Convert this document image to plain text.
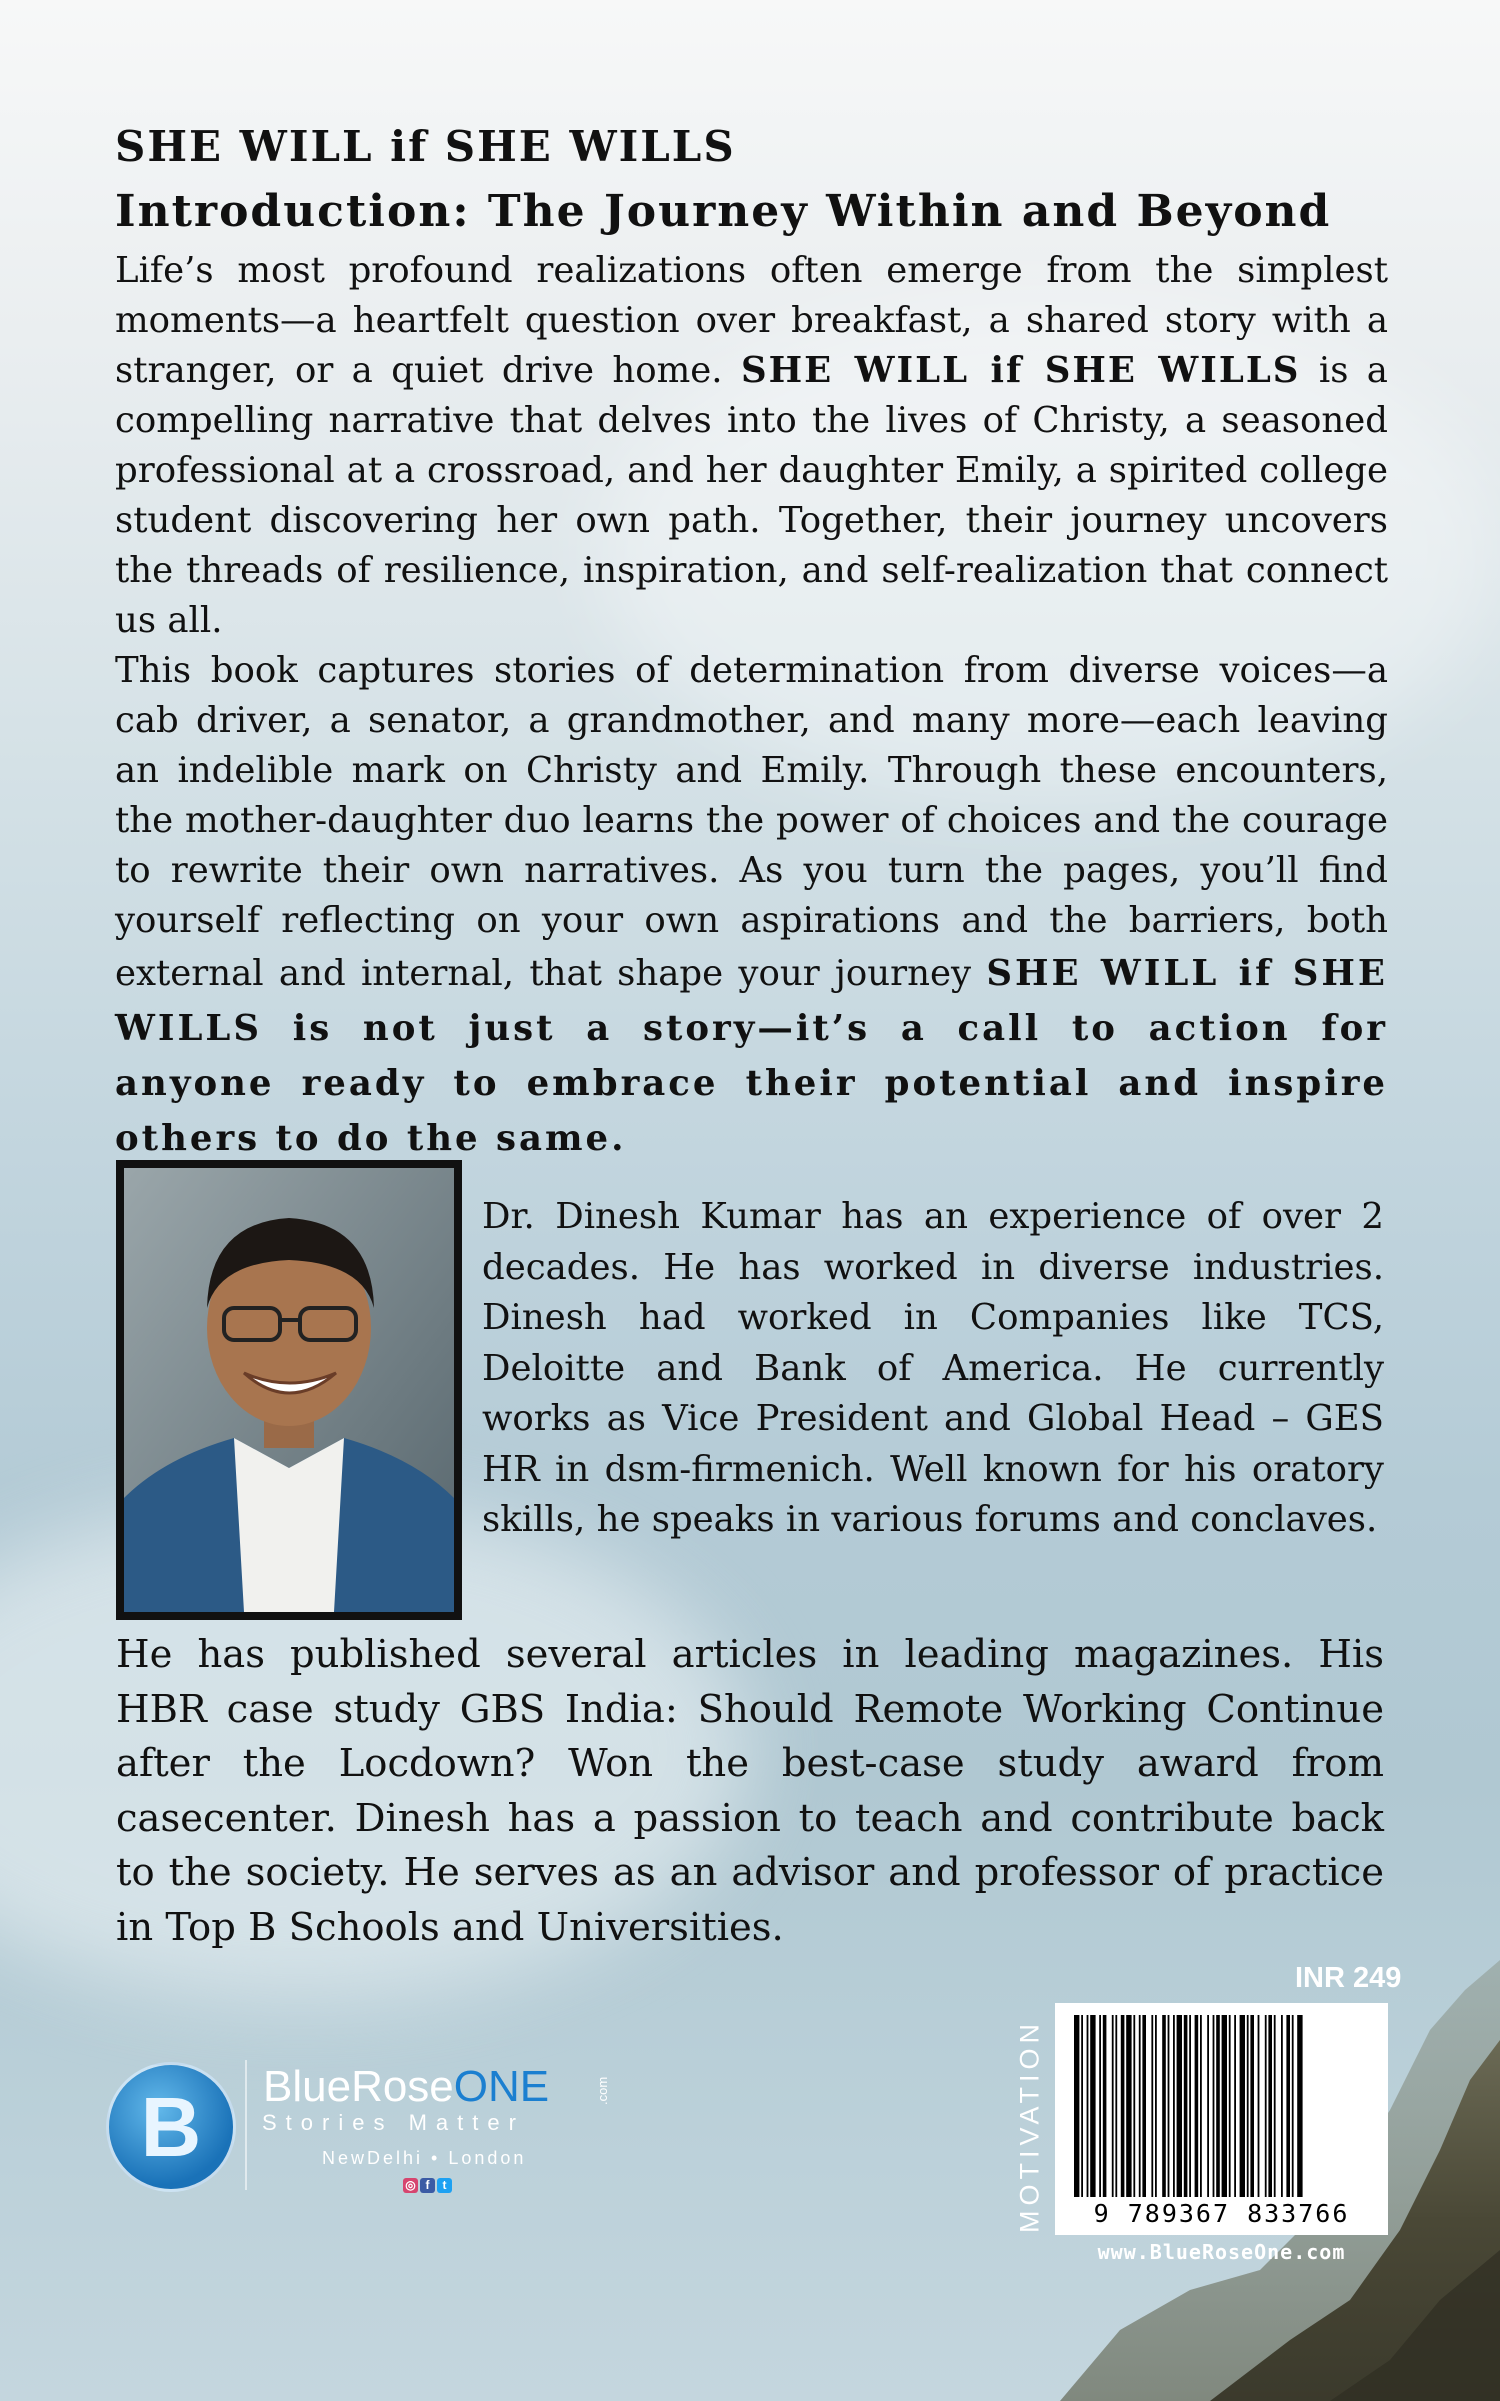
SHE WILL if SHE WILLS
Introduction: The Journey Within and Beyond

Life’s most profound realizations often emerge from the simplest moments—a heartfelt question over breakfast, a shared story with a stranger, or a quiet drive home. SHE WILL if SHE WILLS is a compelling narrative that delves into the lives of Christy, a seasoned professional at a crossroad, and her daughter Emily, a spirited college student discovering her own path. Together, their journey uncovers the threads of resilience, inspiration, and self-realization that connect us all.

This book captures stories of determination from diverse voices—a cab driver, a senator, a grandmother, and many more—each leaving an indelible mark on Christy and Emily. Through these encounters, the mother-daughter duo learns the power of choices and the courage to rewrite their own narratives. As you turn the pages, you’ll find yourself reflecting on your own aspirations and the barriers, both external and internal, that shape your journey SHE WILL if SHE WILLS is not just a story—it’s a call to action for anyone ready to embrace their potential and inspire others to do the same.

Dr. Dinesh Kumar has an experience of over 2 decades. He has worked in diverse industries. Dinesh had worked in Companies like TCS, Deloitte and Bank of America. He currently works as Vice President and Global Head – GES HR in dsm-firmenich. Well known for his oratory skills, he speaks in various forums and conclaves.
He has published several articles in leading magazines. His HBR case study GBS India: Should Remote Working Continue after the Locdown? Won the best-case study award from casecenter. Dinesh has a passion to teach and contribute back to the society. He serves as an advisor and professor of practice in Top B Schools and Universities.
INR 249
MOTIVATION	9 789367 833766
www.BlueRoseOne.com
B	BlueRoseONE	.com
Stories Matter
NewDelhi • London
◎ f t
